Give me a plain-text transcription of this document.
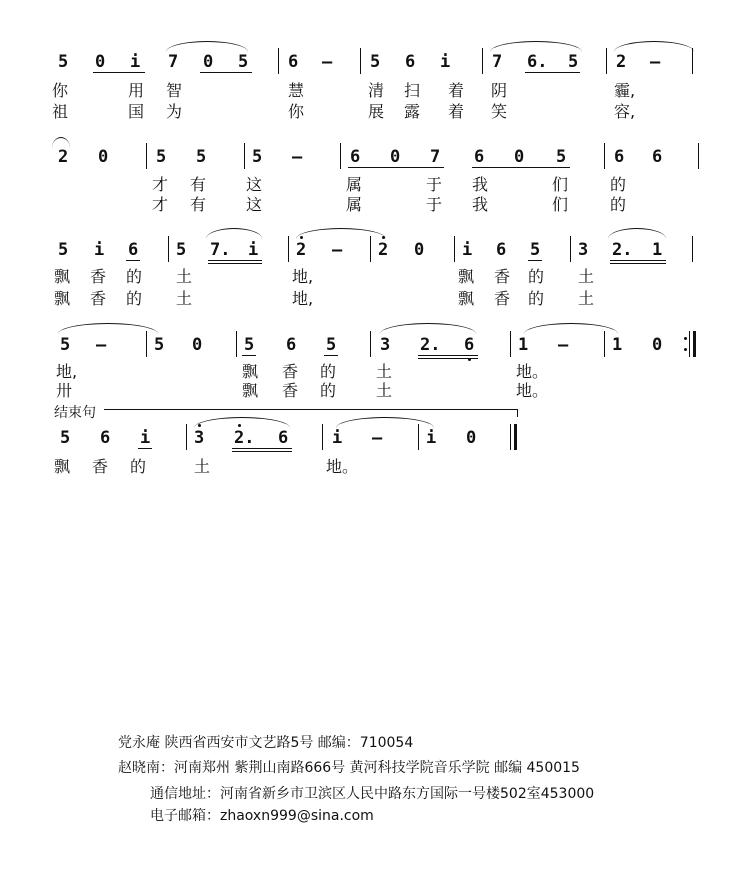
5 0 i 7 0 5 6 – 5 6 i 7 6. 5 2 –
你	用 智	慧	清 扫 着 阴	霾,
祖	国 为	你	展 露 着 笑	容,
2 0	5 5	5 –	6 0 7 6 0 5	6 6
才 有 这	属	于 我	们	的
才 有 这	属	于 我	们	的
5 i 6 5 7. i 2 – 2 0 i 6 5 3 2. 1
飘 香 的 土	地,	飘 香 的 土
飘 香 的 土	地,	飘 香 的 土
5 –	5 0 5 6 5	3 2. 6	1 –	1 0
地,	飘 香 的 土	地。
卅	飘 香 的 土	地。
结束句
5 6 i	3 2. 6	i –	i 0
飘 香 的	土	地。
党永庵 陕西省西安市文艺路5号 邮编：710054
赵晓南：河南郑州 紫荆山南路666号 黄河科技学院音乐学院 邮编 450015
通信地址：河南省新乡市卫滨区人民中路东方国际一号楼502室453000
电子邮箱：zhaoxn999@sina.com
